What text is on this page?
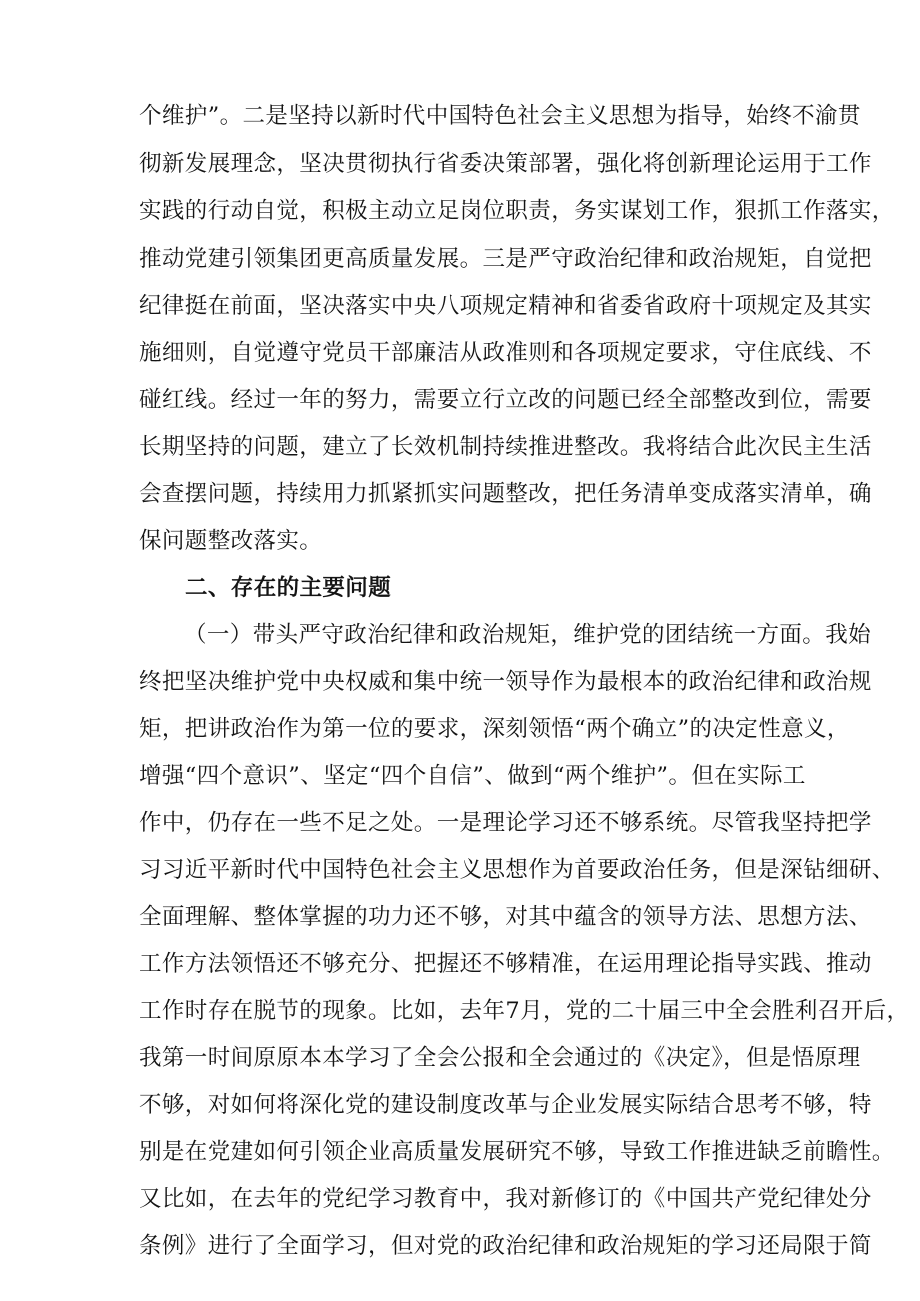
个维护”。二是坚持以新时代中国特色社会主义思想为指导，始终不渝贯

彻新发展理念，坚决贯彻执行省委决策部署，强化将创新理论运用于工作

实践的行动自觉，积极主动立足岗位职责，务实谋划工作，狠抓工作落实，

推动党建引领集团更高质量发展。三是严守政治纪律和政治规矩，自觉把

纪律挺在前面，坚决落实中央八项规定精神和省委省政府十项规定及其实

施细则，自觉遵守党员干部廉洁从政准则和各项规定要求，守住底线、不

碰红线。经过一年的努力，需要立行立改的问题已经全部整改到位，需要

长期坚持的问题，建立了长效机制持续推进整改。我将结合此次民主生活

会查摆问题，持续用力抓紧抓实问题整改，把任务清单变成落实清单，确

保问题整改落实。

二、存在的主要问题

（一）带头严守政治纪律和政治规矩，维护党的团结统一方面。我始

终把坚决维护党中央权威和集中统一领导作为最根本的政治纪律和政治规

矩，把讲政治作为第一位的要求，深刻领悟“两个确立”的决定性意义，

增强“四个意识”、坚定“四个自信”、做到“两个维护”。但在实际工

作中，仍存在一些不足之处。一是理论学习还不够系统。尽管我坚持把学

习习近平新时代中国特色社会主义思想作为首要政治任务，但是深钻细研、

全面理解、整体掌握的功力还不够，对其中蕴含的领导方法、思想方法、

工作方法领悟还不够充分、把握还不够精准，在运用理论指导实践、推动

工作时存在脱节的现象。比如，去年7月，党的二十届三中全会胜利召开后，

我第一时间原原本本学习了全会公报和全会通过的《决定》，但是悟原理

不够，对如何将深化党的建设制度改革与企业发展实际结合思考不够，特

别是在党建如何引领企业高质量发展研究不够，导致工作推进缺乏前瞻性。

又比如，在去年的党纪学习教育中，我对新修订的《中国共产党纪律处分

条例》进行了全面学习，但对党的政治纪律和政治规矩的学习还局限于简
